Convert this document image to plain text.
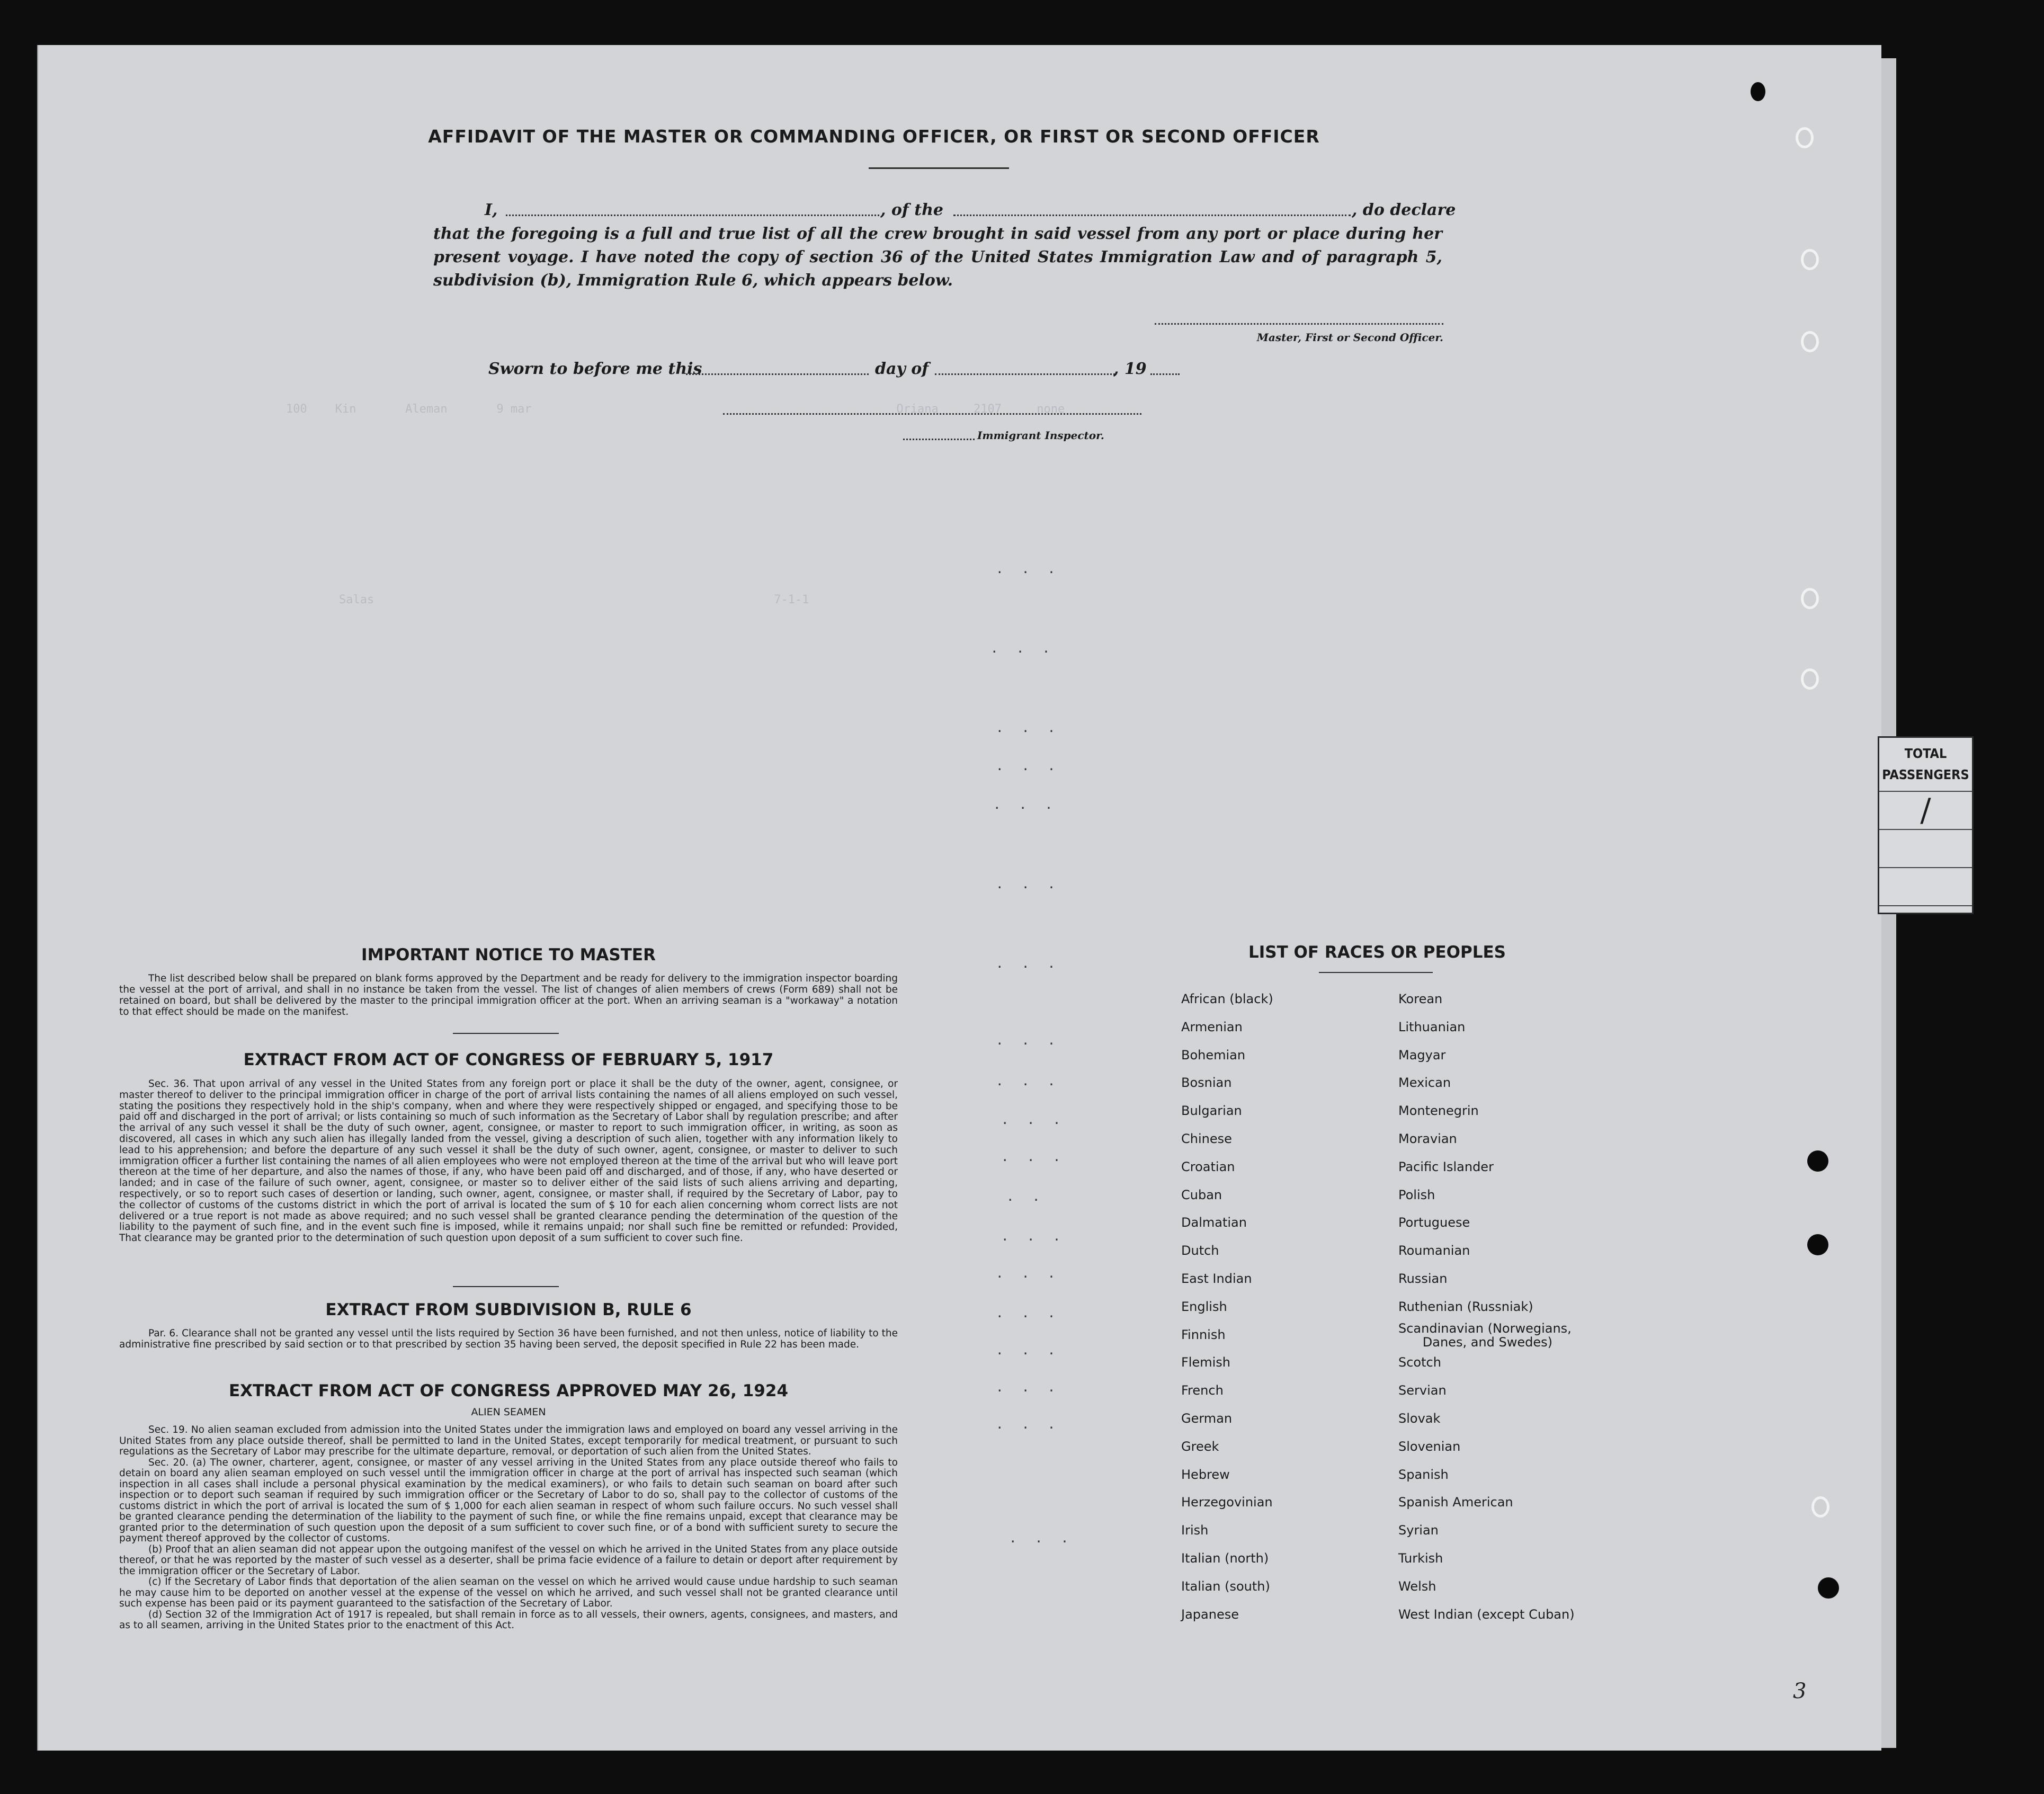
100    Kin       Aleman       9 mar                                                    Oriana     2107     none
Salas                                                         7-1-1
TOTAL
PASSENGERS
/
AFFIDAVIT OF THE MASTER OR COMMANDING OFFICER, OR FIRST OR SECOND OFFICER
I,	, of the	, do declare
that the foregoing is a full and true list of all the crew brought in said vessel from any port or place during her present voyage. I have noted the copy of section 36 of the United States Immigration Law and of paragraph 5, subdivision (b), Immigration Rule 6, which appears below.
Master, First or Second Officer.
Sworn to before me this	day of	, 19
Immigrant Inspector.
. . .
. . .
. . .
. . .
. . .
. . .
. . .
. . .
. . .
. . .
. . .
. .
. . .
. . .
. . .
. . .
. . .
. . .
. . .
IMPORTANT NOTICE TO MASTER

The list described below shall be prepared on blank forms approved by the Department and be ready for delivery to the immigration inspector boarding the vessel at the port of arrival, and shall in no instance be taken from the vessel. The list of changes of alien members of crews (Form 689) shall not be retained on board, but shall be delivered by the master to the principal immigration officer at the port. When an arriving seaman is a "workaway" a notation to that effect should be made on the manifest.

EXTRACT FROM ACT OF CONGRESS OF FEBRUARY 5, 1917

Sec. 36. That upon arrival of any vessel in the United States from any foreign port or place it shall be the duty of the owner, agent, consignee, or master thereof to deliver to the principal immigration officer in charge of the port of arrival lists containing the names of all aliens employed on such vessel, stating the positions they respectively hold in the ship's company, when and where they were respectively shipped or engaged, and specifying those to be paid off and discharged in the port of arrival; or lists containing so much of such information as the Secretary of Labor shall by regulation prescribe; and after the arrival of any such vessel it shall be the duty of such owner, agent, consignee, or master to report to such immigration officer, in writing, as soon as discovered, all cases in which any such alien has illegally landed from the vessel, giving a description of such alien, together with any information likely to lead to his apprehension; and before the departure of any such vessel it shall be the duty of such owner, agent, consignee, or master to deliver to such immigration officer a further list containing the names of all alien employees who were not employed thereon at the time of the arrival but who will leave port thereon at the time of her departure, and also the names of those, if any, who have been paid off and discharged, and of those, if any, who have deserted or landed; and in case of the failure of such owner, agent, consignee, or master so to deliver either of the said lists of such aliens arriving and departing, respectively, or so to report such cases of desertion or landing, such owner, agent, consignee, or master shall, if required by the Secretary of Labor, pay to the collector of customs of the customs district in which the port of arrival is located the sum of $ 10 for each alien concerning whom correct lists are not delivered or a true report is not made as above required; and no such vessel shall be granted clearance pending the determination of the question of the liability to the payment of such fine, and in the event such fine is imposed, while it remains unpaid; nor shall such fine be remitted or refunded: Provided, That clearance may be granted prior to the determination of such question upon deposit of a sum sufficient to cover such fine.

EXTRACT FROM SUBDIVISION B, RULE 6

Par. 6. Clearance shall not be granted any vessel until the lists required by Section 36 have been furnished, and not then unless, notice of liability to the administrative fine prescribed by said section or to that prescribed by section 35 having been served, the deposit specified in Rule 22 has been made.

EXTRACT FROM ACT OF CONGRESS APPROVED MAY 26, 1924
ALIEN SEAMEN

Sec. 19. No alien seaman excluded from admission into the United States under the immigration laws and employed on board any vessel arriving in the United States from any place outside thereof, shall be permitted to land in the United States, except temporarily for medical treatment, or pursuant to such regulations as the Secretary of Labor may prescribe for the ultimate departure, removal, or deportation of such alien from the United States.

Sec. 20. (a) The owner, charterer, agent, consignee, or master of any vessel arriving in the United States from any place outside thereof who fails to detain on board any alien seaman employed on such vessel until the immigration officer in charge at the port of arrival has inspected such seaman (which inspection in all cases shall include a personal physical examination by the medical examiners), or who fails to detain such seaman on board after such inspection or to deport such seaman if required by such immigration officer or the Secretary of Labor to do so, shall pay to the collector of customs of the customs district in which the port of arrival is located the sum of $ 1,000 for each alien seaman in respect of whom such failure occurs. No such vessel shall be granted clearance pending the determination of the liability to the payment of such fine, or while the fine remains unpaid, except that clearance may be granted prior to the determination of such question upon the deposit of a sum sufficient to cover such fine, or of a bond with sufficient surety to secure the payment thereof approved by the collector of customs.

(b) Proof that an alien seaman did not appear upon the outgoing manifest of the vessel on which he arrived in the United States from any place outside thereof, or that he was reported by the master of such vessel as a deserter, shall be prima facie evidence of a failure to detain or deport after requirement by the immigration officer or the Secretary of Labor.

(c) If the Secretary of Labor finds that deportation of the alien seaman on the vessel on which he arrived would cause undue hardship to such seaman he may cause him to be deported on another vessel at the expense of the vessel on which he arrived, and such vessel shall not be granted clearance until such expense has been paid or its payment guaranteed to the satisfaction of the Secretary of Labor.

(d) Section 32 of the Immigration Act of 1917 is repealed, but shall remain in force as to all vessels, their owners, agents, consignees, and masters, and as to all seamen, arriving in the United States prior to the enactment of this Act.

LIST OF RACES OR PEOPLES
African (black)
Armenian
Bohemian
Bosnian
Bulgarian
Chinese
Croatian
Cuban
Dalmatian
Dutch
East Indian
English
Finnish
Flemish
French
German
Greek
Hebrew
Herzegovinian
Irish
Italian (north)
Italian (south)
Japanese
Korean
Lithuanian
Magyar
Mexican
Montenegrin
Moravian
Pacific Islander
Polish
Portuguese
Roumanian
Russian
Ruthenian (Russniak)
Scandinavian (Norwegians,
Danes, and Swedes)
Scotch
Servian
Slovak
Slovenian
Spanish
Spanish American
Syrian
Turkish
Welsh
West Indian (except Cuban)
3
